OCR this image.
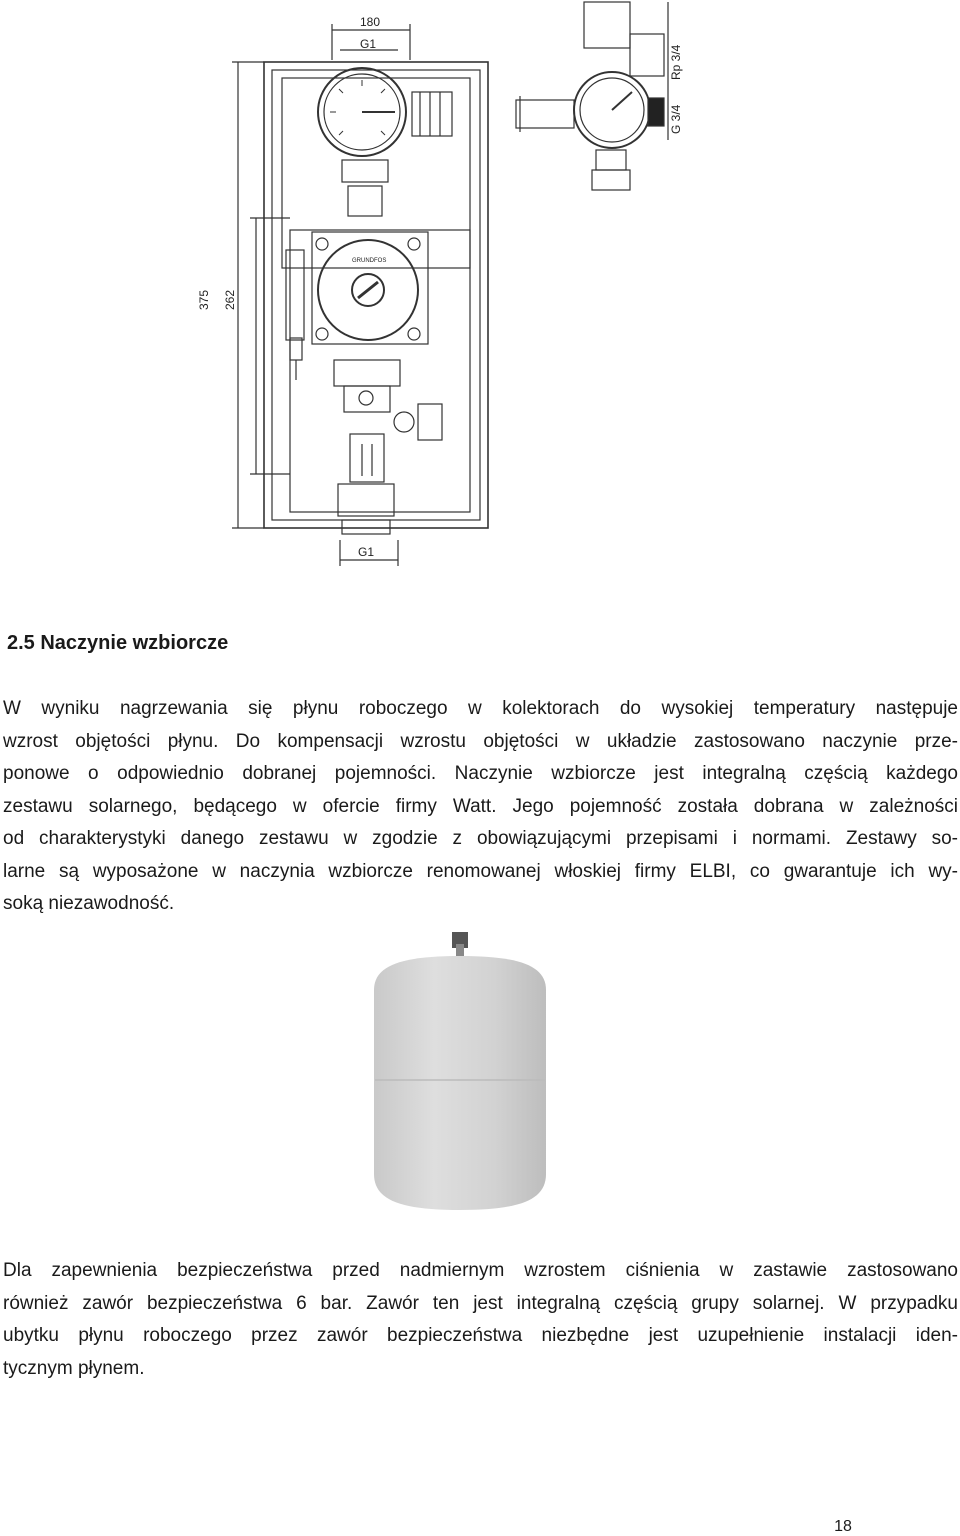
180
G1
G1
375 262
Rp 3/4
G 3/4
GRUNDFOS
2.5 Naczynie wzbiorcze

W wyniku nagrzewania się płynu roboczego w kolektorach do wysokiej temperatury następuje
wzrost objętości płynu. Do kompensacji wzrostu objętości w układzie zastosowano naczynie prze-
ponowe o odpowiednio dobranej pojemności. Naczynie wzbiorcze jest integralną częścią każdego
zestawu solarnego, będącego w ofercie firmy Watt. Jego pojemność została dobrana w zależności
od charakterystyki danego zestawu w zgodzie z obowiązującymi przepisami i normami. Zestawy so-
larne są wyposażone w naczynia wzbiorcze renomowanej włoskiej firmy ELBI, co gwarantuje ich wy-
soką niezawodność.

Dla zapewnienia bezpieczeństwa przed nadmiernym wzrostem ciśnienia w zastawie zastosowano
również zawór bezpieczeństwa 6 bar. Zawór ten jest integralną częścią grupy solarnej. W przypadku
ubytku płynu roboczego przez zawór bezpieczeństwa niezbędne jest uzupełnienie instalacji iden-
tycznym płynem.

18
